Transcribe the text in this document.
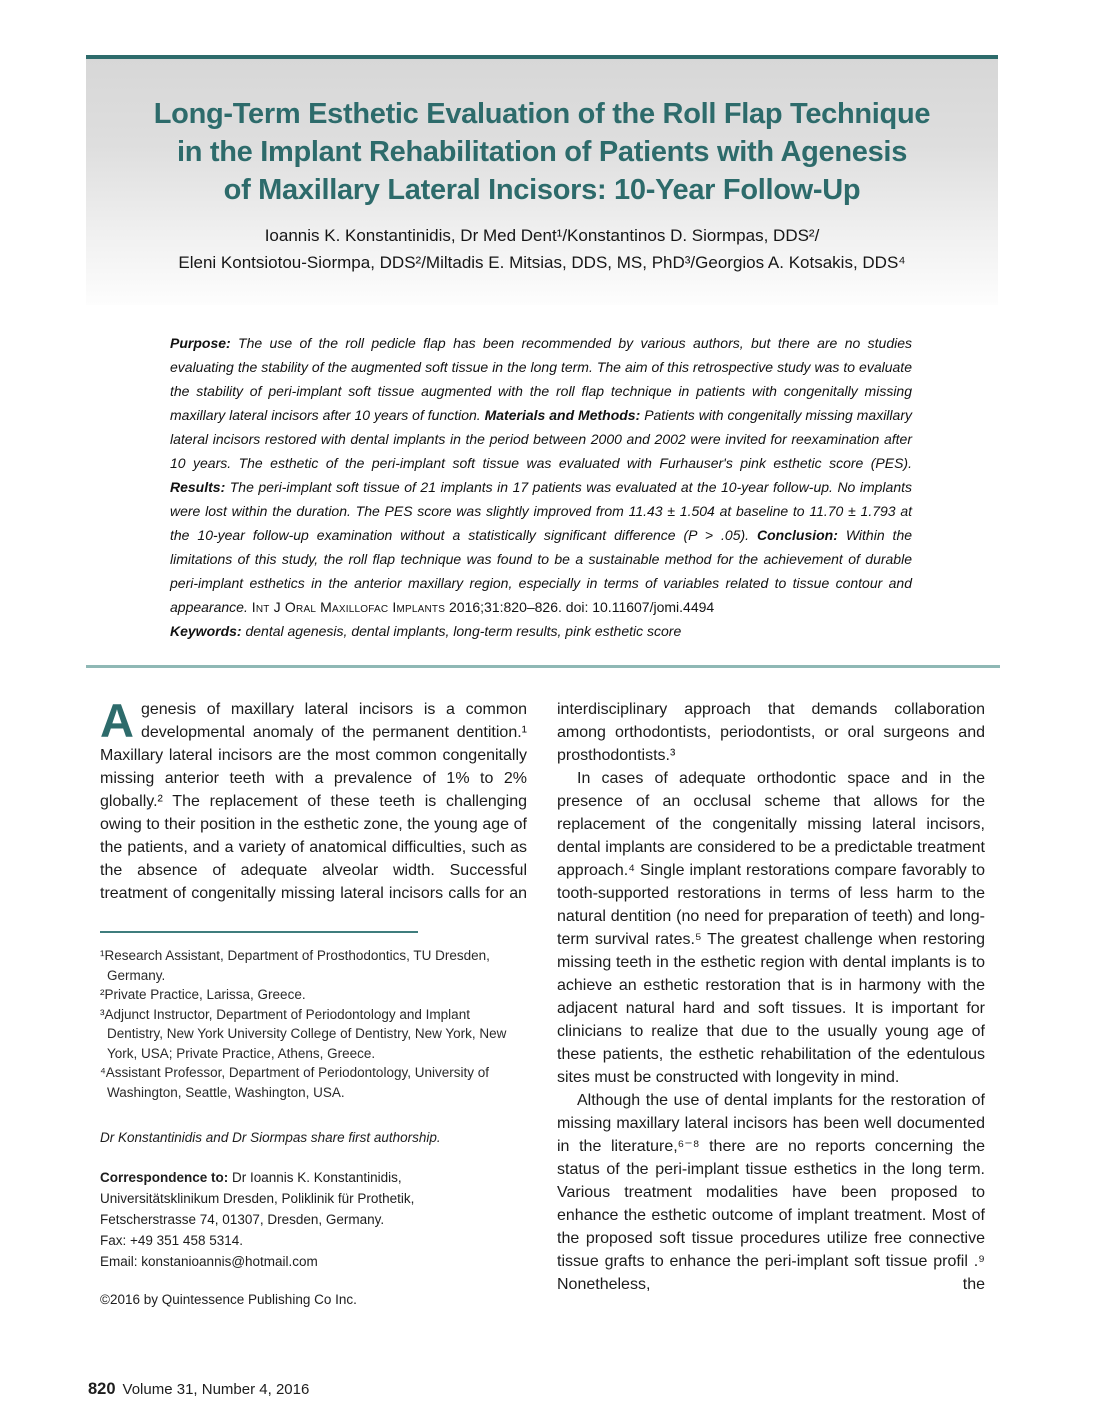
Long-Term Esthetic Evaluation of the Roll Flap Technique
in the Implant Rehabilitation of Patients with Agenesis
of Maxillary Lateral Incisors: 10-Year Follow-Up
Ioannis K. Konstantinidis, Dr Med Dent¹/Konstantinos D. Siormpas, DDS²/
Eleni Kontsiotou-Siormpa, DDS²/Miltadis E. Mitsias, DDS, MS, PhD³/Georgios A. Kotsakis, DDS⁴

Purpose: The use of the roll pedicle flap has been recommended by various authors, but there are no studies evaluating the stability of the augmented soft tissue in the long term. The aim of this retrospective study was to evaluate the stability of peri-implant soft tissue augmented with the roll flap technique in patients with congenitally missing maxillary lateral incisors after 10 years of function. Materials and Methods: Patients with congenitally missing maxillary lateral incisors restored with dental implants in the period between 2000 and 2002 were invited for reexamination after 10 years. The esthetic of the peri-implant soft tissue was evaluated with Furhauser's pink esthetic score (PES). Results: The peri-implant soft tissue of 21 implants in 17 patients was evaluated at the 10-year follow-up. No implants were lost within the duration. The PES score was slightly improved from 11.43 ± 1.504 at baseline to 11.70 ± 1.793 at the 10-year follow-up examination without a statistically significant difference (P > .05). Conclusion: Within the limitations of this study, the roll flap technique was found to be a sustainable method for the achievement of durable peri-implant esthetics in the anterior maxillary region, especially in terms of variables related to tissue contour and appearance. Int J Oral Maxillofac Implants 2016;31:820–826. doi: 10.11607/jomi.4494

Keywords: dental agenesis, dental implants, long-term results, pink esthetic score

Agenesis of maxillary lateral incisors is a common developmental anomaly of the permanent dentition.¹ Maxillary lateral incisors are the most common congenitally missing anterior teeth with a prevalence of 1% to 2% globally.² The replacement of these teeth is challenging owing to their position in the esthetic zone, the young age of the patients, and a variety of anatomical difficulties, such as the absence of adequate alveolar width. Successful treatment of congenitally missing lateral incisors calls for an

¹Research Assistant, Department of Prosthodontics, TU Dresden, Germany.
²Private Practice, Larissa, Greece.
³Adjunct Instructor, Department of Periodontology and Implant Dentistry, New York University College of Dentistry, New York, New York, USA; Private Practice, Athens, Greece.
⁴Assistant Professor, Department of Periodontology, University of Washington, Seattle, Washington, USA.

Dr Konstantinidis and Dr Siormpas share first authorship.

Correspondence to: Dr Ioannis K. Konstantinidis,

Universitätsklinikum Dresden, Poliklinik für Prothetik,

Fetscherstrasse 74, 01307, Dresden, Germany.

Fax: +49 351 458 5314.

Email: konstanioannis@hotmail.com

©2016 by Quintessence Publishing Co Inc.

interdisciplinary approach that demands collaboration among orthodontists, periodontists, or oral surgeons and prosthodontists.³

In cases of adequate orthodontic space and in the presence of an occlusal scheme that allows for the replacement of the congenitally missing lateral incisors, dental implants are considered to be a predictable treatment approach.⁴ Single implant restorations compare favorably to tooth-supported restorations in terms of less harm to the natural dentition (no need for preparation of teeth) and long-term survival rates.⁵ The greatest challenge when restoring missing teeth in the esthetic region with dental implants is to achieve an esthetic restoration that is in harmony with the adjacent natural hard and soft tissues. It is important for clinicians to realize that due to the usually young age of these patients, the esthetic rehabilitation of the edentulous sites must be constructed with longevity in mind.

Although the use of dental implants for the restoration of missing maxillary lateral incisors has been well documented in the literature,⁶⁻⁸ there are no reports concerning the status of the peri-implant tissue esthetics in the long term. Various treatment modalities have been proposed to enhance the esthetic outcome of implant treatment. Most of the proposed soft tissue procedures utilize free connective tissue grafts to enhance the peri-implant soft tissue profil .⁹ Nonetheless, the

820 Volume 31, Number 4, 2016
